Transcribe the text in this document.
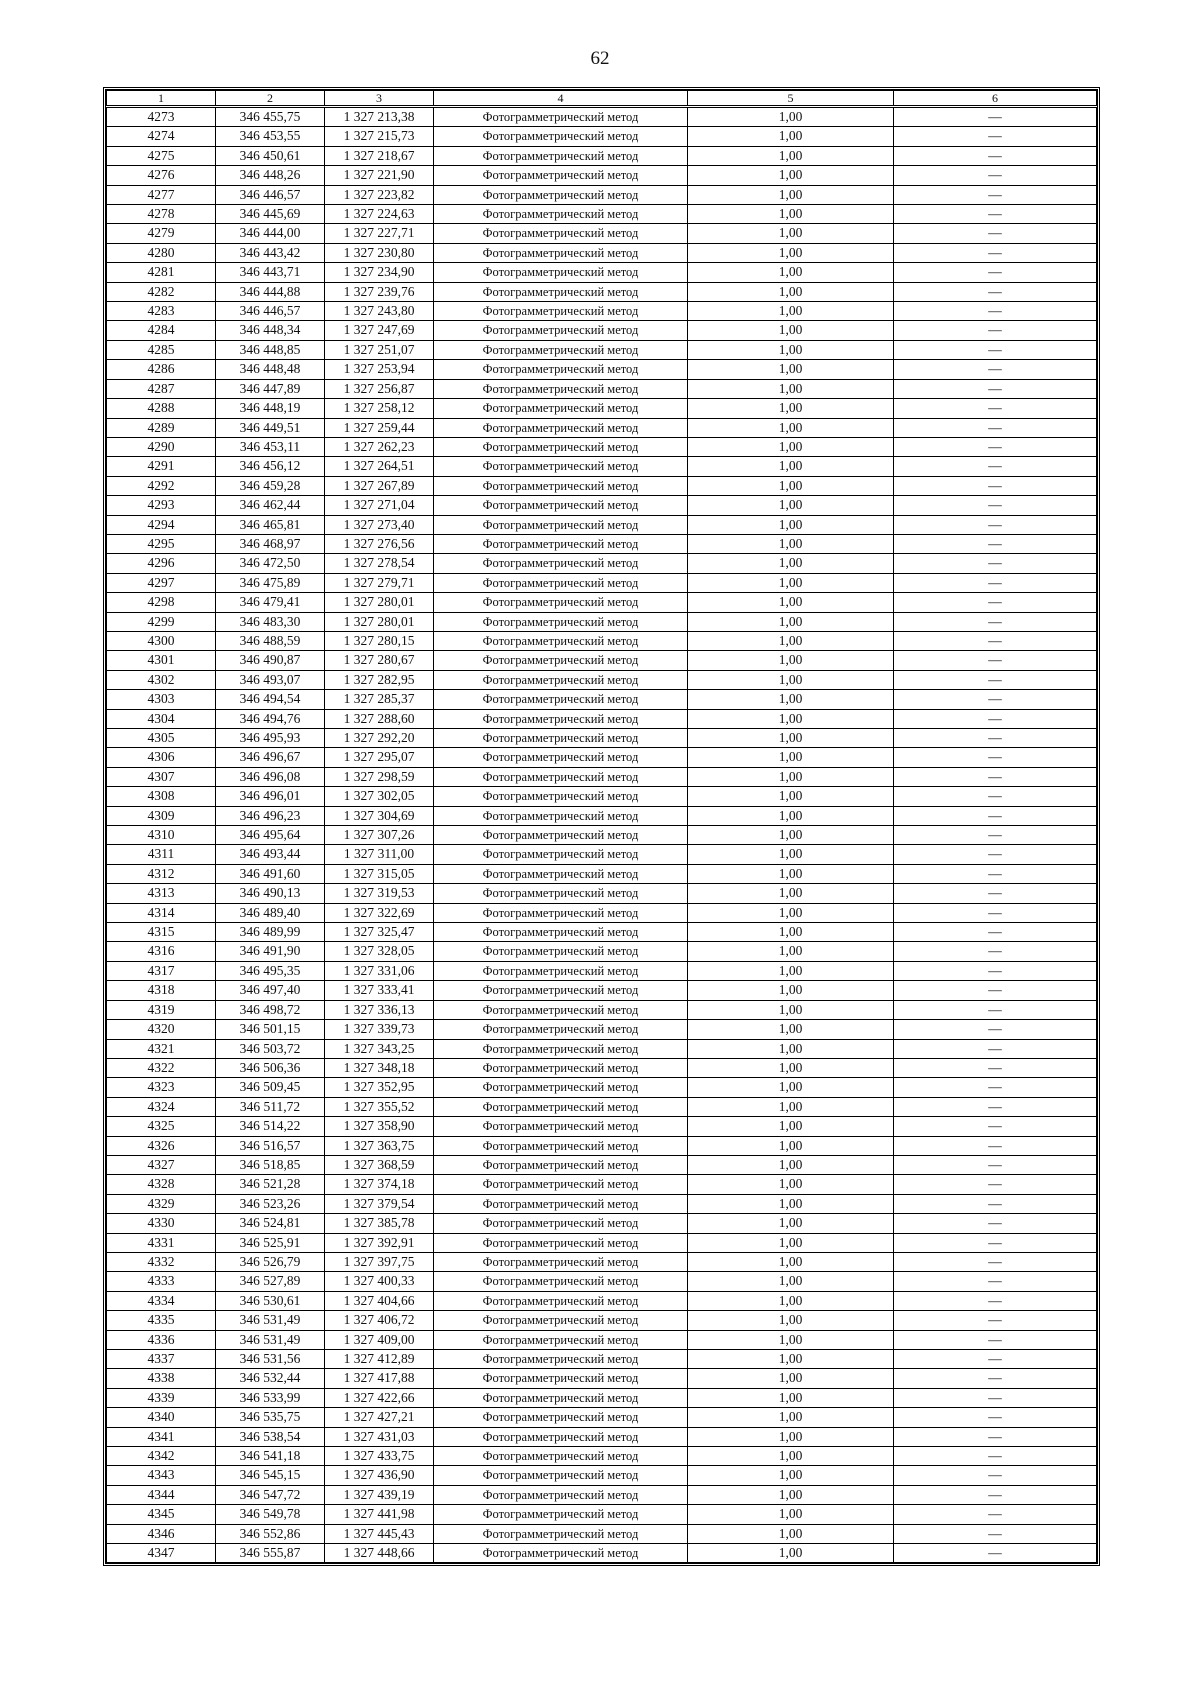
62
1	2	3	4	5	6
4273	346 455,75	1 327 213,38	Фотограмметрический метод	1,00	—
4274	346 453,55	1 327 215,73	Фотограмметрический метод	1,00	—
4275	346 450,61	1 327 218,67	Фотограмметрический метод	1,00	—
4276	346 448,26	1 327 221,90	Фотограмметрический метод	1,00	—
4277	346 446,57	1 327 223,82	Фотограмметрический метод	1,00	—
4278	346 445,69	1 327 224,63	Фотограмметрический метод	1,00	—
4279	346 444,00	1 327 227,71	Фотограмметрический метод	1,00	—
4280	346 443,42	1 327 230,80	Фотограмметрический метод	1,00	—
4281	346 443,71	1 327 234,90	Фотограмметрический метод	1,00	—
4282	346 444,88	1 327 239,76	Фотограмметрический метод	1,00	—
4283	346 446,57	1 327 243,80	Фотограмметрический метод	1,00	—
4284	346 448,34	1 327 247,69	Фотограмметрический метод	1,00	—
4285	346 448,85	1 327 251,07	Фотограмметрический метод	1,00	—
4286	346 448,48	1 327 253,94	Фотограмметрический метод	1,00	—
4287	346 447,89	1 327 256,87	Фотограмметрический метод	1,00	—
4288	346 448,19	1 327 258,12	Фотограмметрический метод	1,00	—
4289	346 449,51	1 327 259,44	Фотограмметрический метод	1,00	—
4290	346 453,11	1 327 262,23	Фотограмметрический метод	1,00	—
4291	346 456,12	1 327 264,51	Фотограмметрический метод	1,00	—
4292	346 459,28	1 327 267,89	Фотограмметрический метод	1,00	—
4293	346 462,44	1 327 271,04	Фотограмметрический метод	1,00	—
4294	346 465,81	1 327 273,40	Фотограмметрический метод	1,00	—
4295	346 468,97	1 327 276,56	Фотограмметрический метод	1,00	—
4296	346 472,50	1 327 278,54	Фотограмметрический метод	1,00	—
4297	346 475,89	1 327 279,71	Фотограмметрический метод	1,00	—
4298	346 479,41	1 327 280,01	Фотограмметрический метод	1,00	—
4299	346 483,30	1 327 280,01	Фотограмметрический метод	1,00	—
4300	346 488,59	1 327 280,15	Фотограмметрический метод	1,00	—
4301	346 490,87	1 327 280,67	Фотограмметрический метод	1,00	—
4302	346 493,07	1 327 282,95	Фотограмметрический метод	1,00	—
4303	346 494,54	1 327 285,37	Фотограмметрический метод	1,00	—
4304	346 494,76	1 327 288,60	Фотограмметрический метод	1,00	—
4305	346 495,93	1 327 292,20	Фотограмметрический метод	1,00	—
4306	346 496,67	1 327 295,07	Фотограмметрический метод	1,00	—
4307	346 496,08	1 327 298,59	Фотограмметрический метод	1,00	—
4308	346 496,01	1 327 302,05	Фотограмметрический метод	1,00	—
4309	346 496,23	1 327 304,69	Фотограмметрический метод	1,00	—
4310	346 495,64	1 327 307,26	Фотограмметрический метод	1,00	—
4311	346 493,44	1 327 311,00	Фотограмметрический метод	1,00	—
4312	346 491,60	1 327 315,05	Фотограмметрический метод	1,00	—
4313	346 490,13	1 327 319,53	Фотограмметрический метод	1,00	—
4314	346 489,40	1 327 322,69	Фотограмметрический метод	1,00	—
4315	346 489,99	1 327 325,47	Фотограмметрический метод	1,00	—
4316	346 491,90	1 327 328,05	Фотограмметрический метод	1,00	—
4317	346 495,35	1 327 331,06	Фотограмметрический метод	1,00	—
4318	346 497,40	1 327 333,41	Фотограмметрический метод	1,00	—
4319	346 498,72	1 327 336,13	Фотограмметрический метод	1,00	—
4320	346 501,15	1 327 339,73	Фотограмметрический метод	1,00	—
4321	346 503,72	1 327 343,25	Фотограмметрический метод	1,00	—
4322	346 506,36	1 327 348,18	Фотограмметрический метод	1,00	—
4323	346 509,45	1 327 352,95	Фотограмметрический метод	1,00	—
4324	346 511,72	1 327 355,52	Фотограмметрический метод	1,00	—
4325	346 514,22	1 327 358,90	Фотограмметрический метод	1,00	—
4326	346 516,57	1 327 363,75	Фотограмметрический метод	1,00	—
4327	346 518,85	1 327 368,59	Фотограмметрический метод	1,00	—
4328	346 521,28	1 327 374,18	Фотограмметрический метод	1,00	—
4329	346 523,26	1 327 379,54	Фотограмметрический метод	1,00	—
4330	346 524,81	1 327 385,78	Фотограмметрический метод	1,00	—
4331	346 525,91	1 327 392,91	Фотограмметрический метод	1,00	—
4332	346 526,79	1 327 397,75	Фотограмметрический метод	1,00	—
4333	346 527,89	1 327 400,33	Фотограмметрический метод	1,00	—
4334	346 530,61	1 327 404,66	Фотограмметрический метод	1,00	—
4335	346 531,49	1 327 406,72	Фотограмметрический метод	1,00	—
4336	346 531,49	1 327 409,00	Фотограмметрический метод	1,00	—
4337	346 531,56	1 327 412,89	Фотограмметрический метод	1,00	—
4338	346 532,44	1 327 417,88	Фотограмметрический метод	1,00	—
4339	346 533,99	1 327 422,66	Фотограмметрический метод	1,00	—
4340	346 535,75	1 327 427,21	Фотограмметрический метод	1,00	—
4341	346 538,54	1 327 431,03	Фотограмметрический метод	1,00	—
4342	346 541,18	1 327 433,75	Фотограмметрический метод	1,00	—
4343	346 545,15	1 327 436,90	Фотограмметрический метод	1,00	—
4344	346 547,72	1 327 439,19	Фотограмметрический метод	1,00	—
4345	346 549,78	1 327 441,98	Фотограмметрический метод	1,00	—
4346	346 552,86	1 327 445,43	Фотограмметрический метод	1,00	—
4347	346 555,87	1 327 448,66	Фотограмметрический метод	1,00	—
